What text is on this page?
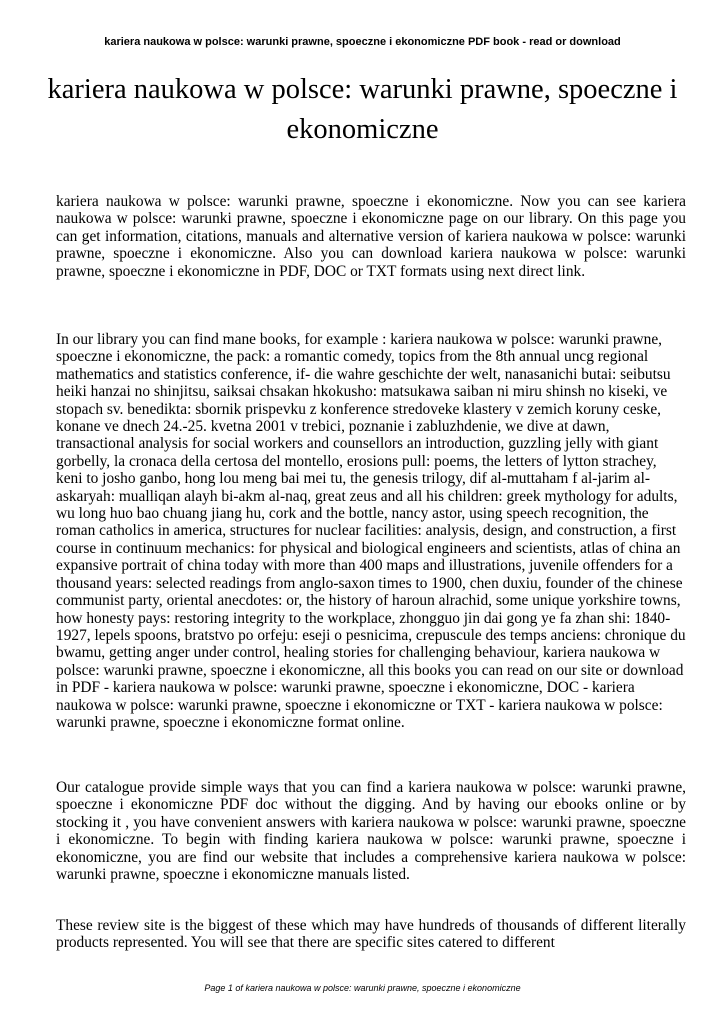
kariera naukowa w polsce: warunki prawne, spoeczne i ekonomiczne PDF book - read or download
kariera naukowa w polsce: warunki prawne, spoeczne i ekonomiczne

kariera naukowa w polsce: warunki prawne, spoeczne i ekonomiczne. Now you can see kariera naukowa w polsce: warunki prawne, spoeczne i ekonomiczne page on our library. On this page you can get information, citations, manuals and alternative version of kariera naukowa w polsce: warunki prawne, spoeczne i ekonomiczne. Also you can download kariera naukowa w polsce: warunki prawne, spoeczne i ekonomiczne in PDF, DOC or TXT formats using next direct link.

In our library you can find mane books, for example : kariera naukowa w polsce: warunki prawne, spoeczne i ekonomiczne, the pack: a romantic comedy, topics from the 8th annual uncg regional mathematics and statistics conference, if- die wahre geschichte der welt, nanasanichi butai: seibutsu heiki hanzai no shinjitsu, saiksai chsakan hkokusho: matsukawa saiban ni miru shinsh no kiseki, ve stopach sv. benedikta: sbornik prispevku z konference stredoveke klastery v zemich koruny ceske, konane ve dnech 24.-25. kvetna 2001 v trebici, poznanie i zabluzhdenie, we dive at dawn, transactional analysis for social workers and counsellors an introduction, guzzling jelly with giant gorbelly, la cronaca della certosa del montello, erosions pull: poems, the letters of lytton strachey, keni to josho ganbo, hong lou meng bai mei tu, the genesis trilogy, dif al-muttaham f al-jarim al-askaryah: mualliqan alayh bi-akm al-naq, great zeus and all his children: greek mythology for adults, wu long huo bao chuang jiang hu, cork and the bottle, nancy astor, using speech recognition, the roman catholics in america, structures for nuclear facilities: analysis, design, and construction, a first course in continuum mechanics: for physical and biological engineers and scientists, atlas of china an expansive portrait of china today with more than 400 maps and illustrations, juvenile offenders for a thousand years: selected readings from anglo-saxon times to 1900, chen duxiu, founder of the chinese communist party, oriental anecdotes: or, the history of haroun alrachid, some unique yorkshire towns, how honesty pays: restoring integrity to the workplace, zhongguo jin dai gong ye fa zhan shi: 1840-1927, lepels spoons, bratstvo po orfeju: eseji o pesnicima, crepuscule des temps anciens: chronique du bwamu, getting anger under control, healing stories for challenging behaviour, kariera naukowa w polsce: warunki prawne, spoeczne i ekonomiczne, all this books you can read on our site or download in PDF - kariera naukowa w polsce: warunki prawne, spoeczne i ekonomiczne, DOC - kariera naukowa w polsce: warunki prawne, spoeczne i ekonomiczne or TXT - kariera naukowa w polsce: warunki prawne, spoeczne i ekonomiczne format online.

Our catalogue provide simple ways that you can find a kariera naukowa w polsce: warunki prawne, spoeczne i ekonomiczne PDF doc without the digging. And by having our ebooks online or by stocking it , you have convenient answers with kariera naukowa w polsce: warunki prawne, spoeczne i ekonomiczne. To begin with finding kariera naukowa w polsce: warunki prawne, spoeczne i ekonomiczne, you are find our website that includes a comprehensive kariera naukowa w polsce: warunki prawne, spoeczne i ekonomiczne manuals listed.

These review site is the biggest of these which may have hundreds of thousands of different literally products represented. You will see that there are specific sites catered to different

Page 1 of kariera naukowa w polsce: warunki prawne, spoeczne i ekonomiczne
